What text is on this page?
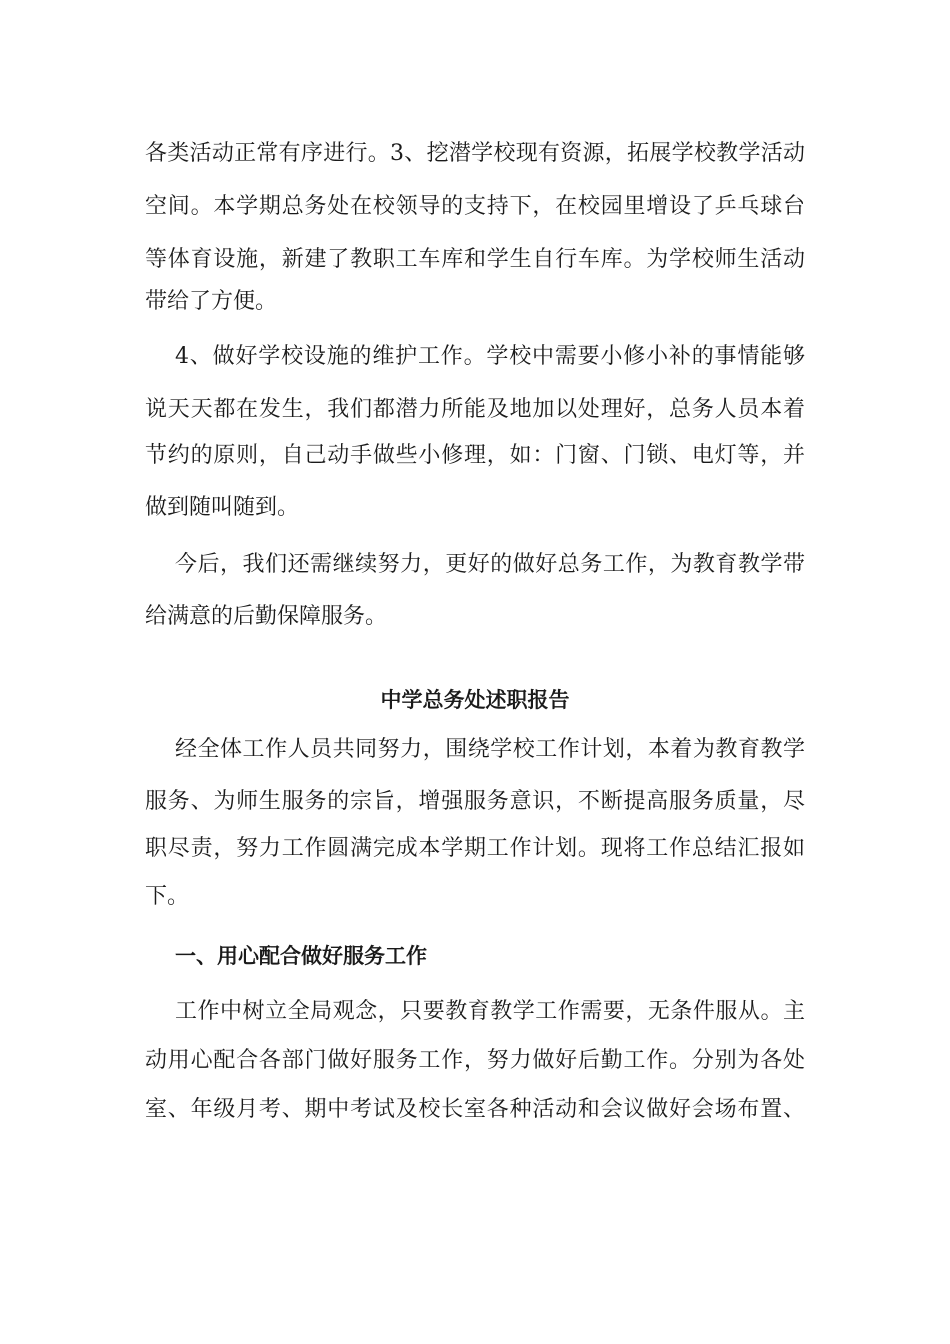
各类活动正常有序进行。3、挖潜学校现有资源，拓展学校教学活动
空间。本学期总务处在校领导的支持下，在校园里增设了乒乓球台
等体育设施，新建了教职工车库和学生自行车库。为学校师生活动
带给了方便。
4、做好学校设施的维护工作。学校中需要小修小补的事情能够
说天天都在发生，我们都潜力所能及地加以处理好，总务人员本着
节约的原则，自己动手做些小修理，如：门窗、门锁、电灯等，并
做到随叫随到。
今后，我们还需继续努力，更好的做好总务工作，为教育教学带
给满意的后勤保障服务。
中学总务处述职报告
经全体工作人员共同努力，围绕学校工作计划，本着为教育教学
服务、为师生服务的宗旨，增强服务意识，不断提高服务质量，尽
职尽责，努力工作圆满完成本学期工作计划。现将工作总结汇报如
下。
一、用心配合做好服务工作
工作中树立全局观念，只要教育教学工作需要，无条件服从。主
动用心配合各部门做好服务工作，努力做好后勤工作。分别为各处
室、年级月考、期中考试及校长室各种活动和会议做好会场布置、
